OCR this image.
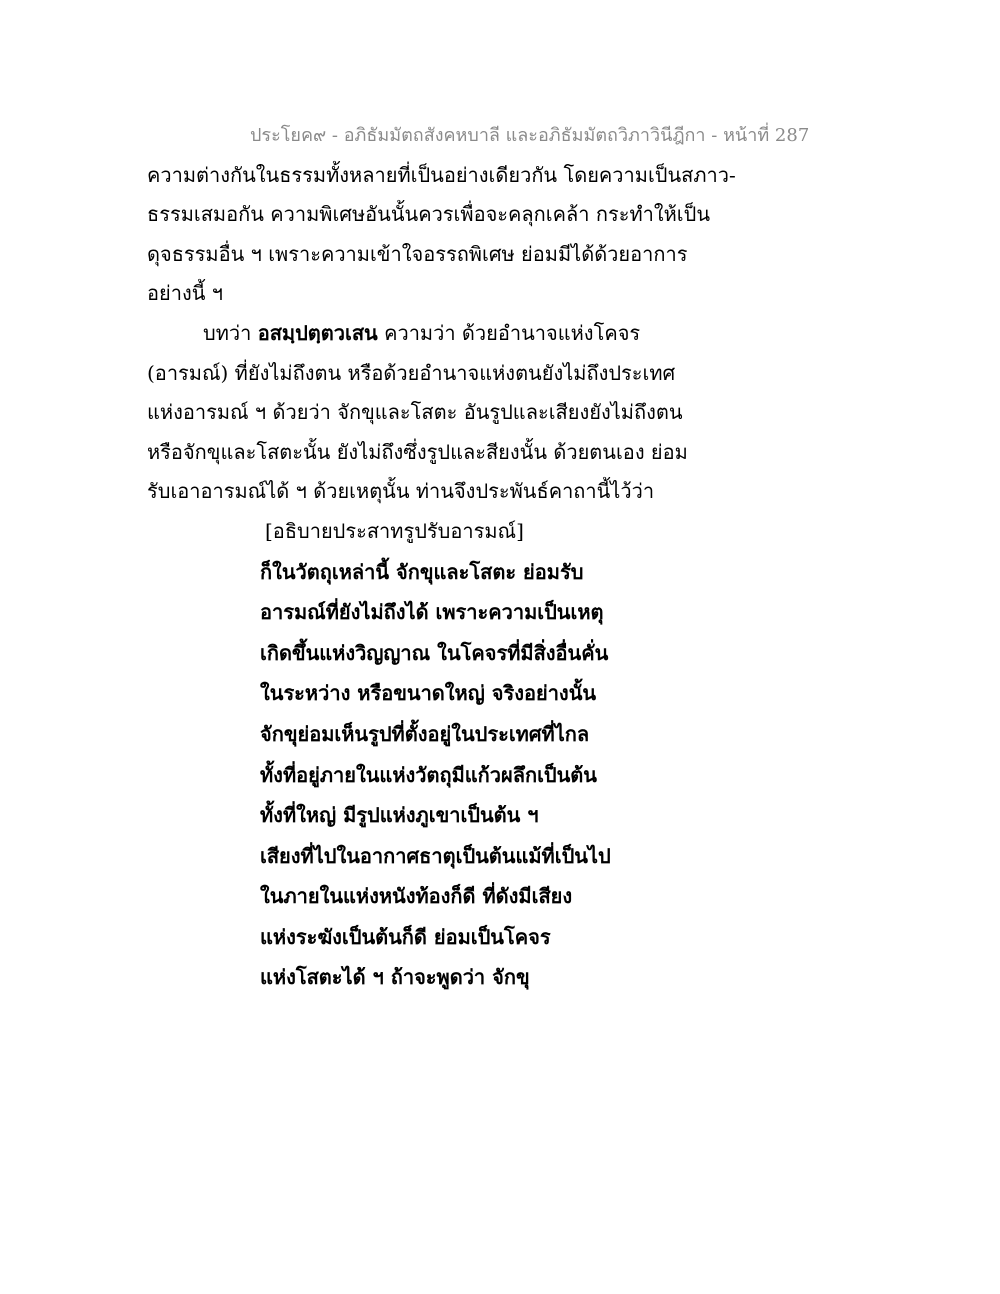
ประโยค๙ - อภิธัมมัตถสังคหบาลี และอภิธัมมัตถวิภาวินีฎีกา - หน้าที่ 287
ความต่างกันในธรรมทั้งหลายที่เป็นอย่างเดียวกัน โดยความเป็นสภาว-
ธรรมเสมอกัน ความพิเศษอันนั้นควรเพื่อจะคลุกเคล้า กระทำให้เป็น
ดุจธรรมอื่น ฯ เพราะความเข้าใจอรรถพิเศษ ย่อมมีได้ด้วยอาการ
อย่างนี้ ฯ
บทว่า อสมฺปตฺตวเสน ความว่า ด้วยอำนาจแห่งโคจร
(อารมณ์) ที่ยังไม่ถึงตน หรือด้วยอำนาจแห่งตนยังไม่ถึงประเทศ
แห่งอารมณ์ ฯ ด้วยว่า จักขุและโสตะ อันรูปและเสียงยังไม่ถึงตน
หรือจักขุและโสตะนั้น ยังไม่ถึงซึ่งรูปและสียงนั้น ด้วยตนเอง ย่อม
รับเอาอารมณ์ได้ ฯ ด้วยเหตุนั้น ท่านจึงประพันธ์คาถานี้ไว้ว่า
[อธิบายประสาทรูปรับอารมณ์]
ก็ในวัตถุเหล่านี้ จักขุและโสตะ ย่อมรับ
อารมณ์ที่ยังไม่ถึงได้ เพราะความเป็นเหตุ
เกิดขึ้นแห่งวิญญาณ ในโคจรที่มีสิ่งอื่นคั่น
ในระหว่าง หรือขนาดใหญ่ จริงอย่างนั้น
จักขุย่อมเห็นรูปที่ตั้งอยู่ในประเทศที่ไกล
ทั้งที่อยู่ภายในแห่งวัตถุมีแก้วผลึกเป็นต้น
ทั้งที่ใหญ่ มีรูปแห่งภูเขาเป็นต้น ฯ
เสียงที่ไปในอากาศธาตุเป็นต้นแม้ที่เป็นไป
ในภายในแห่งหนังท้องก็ดี ที่ดังมีเสียง
แห่งระฆังเป็นต้นก็ดี ย่อมเป็นโคจร
แห่งโสตะได้ ฯ ถ้าจะพูดว่า จักขุ
